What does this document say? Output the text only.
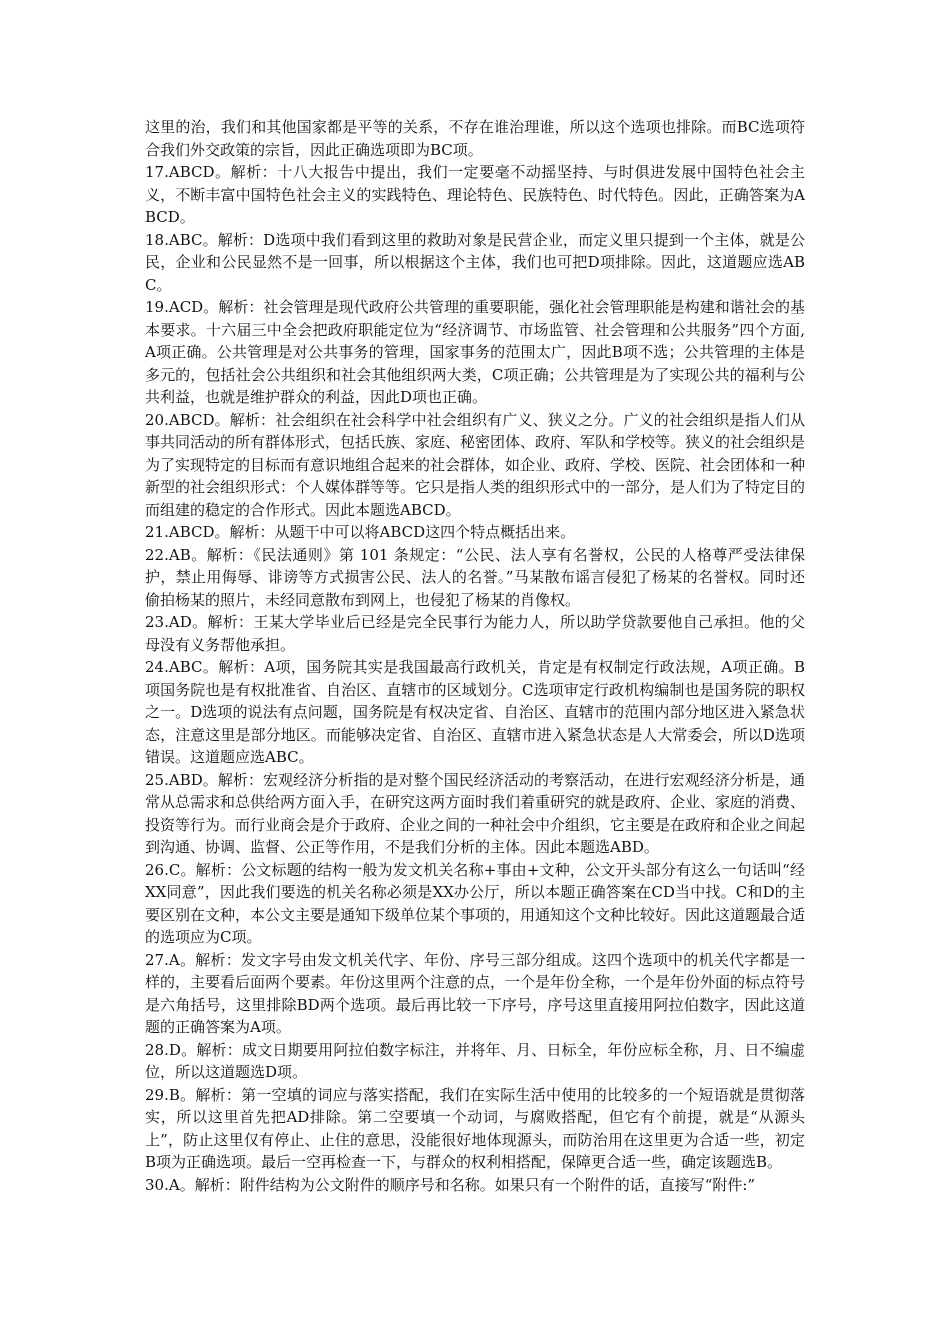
这里的治，我们和其他国家都是平等的关系，不存在谁治理谁，所以这个选项也排除。而BC选项符合我们外交政策的宗旨，因此正确选项即为BC项。

17.ABCD。解析：十八大报告中提出，我们一定要毫不动摇坚持、与时俱进发展中国特色社会主义，不断丰富中国特色社会主义的实践特色、理论特色、民族特色、时代特色。因此，正确答案为ABCD。

18.ABC。解析：D选项中我们看到这里的救助对象是民营企业，而定义里只提到一个主体，就是公民，企业和公民显然不是一回事，所以根据这个主体，我们也可把D项排除。因此，这道题应选ABC。

19.ACD。解析：社会管理是现代政府公共管理的重要职能，强化社会管理职能是构建和谐社会的基本要求。十六届三中全会把政府职能定位为“经济调节、市场监管、社会管理和公共服务”四个方面,A项正确。公共管理是对公共事务的管理，国家事务的范围太广，因此B项不选；公共管理的主体是多元的，包括社会公共组织和社会其他组织两大类，C项正确；公共管理是为了实现公共的福利与公共利益，也就是维护群众的利益，因此D项也正确。

20.ABCD。解析：社会组织在社会科学中社会组织有广义、狭义之分。广义的社会组织是指人们从事共同活动的所有群体形式，包括氏族、家庭、秘密团体、政府、军队和学校等。狭义的社会组织是为了实现特定的目标而有意识地组合起来的社会群体，如企业、政府、学校、医院、社会团体和一种新型的社会组织形式：个人媒体群等等。它只是指人类的组织形式中的一部分，是人们为了特定目的而组建的稳定的合作形式。因此本题选ABCD。

21.ABCD。解析：从题干中可以将ABCD这四个特点概括出来。

22.AB。解析：《民法通则》第 101 条规定：“公民、法人享有名誉权，公民的人格尊严受法律保护，禁止用侮辱、诽谤等方式损害公民、法人的名誉。”马某散布谣言侵犯了杨某的名誉权。同时还偷拍杨某的照片，未经同意散布到网上，也侵犯了杨某的肖像权。

23.AD。解析：王某大学毕业后已经是完全民事行为能力人，所以助学贷款要他自己承担。他的父母没有义务帮他承担。

24.ABC。解析：A项，国务院其实是我国最高行政机关，肯定是有权制定行政法规，A项正确。B项国务院也是有权批准省、自治区、直辖市的区域划分。C选项审定行政机构编制也是国务院的职权之一。D选项的说法有点问题，国务院是有权决定省、自治区、直辖市的范围内部分地区进入紧急状态，注意这里是部分地区。而能够决定省、自治区、直辖市进入紧急状态是人大常委会，所以D选项错误。这道题应选ABC。

25.ABD。解析：宏观经济分析指的是对整个国民经济活动的考察活动，在进行宏观经济分析是，通常从总需求和总供给两方面入手，在研究这两方面时我们着重研究的就是政府、企业、家庭的消费、投资等行为。而行业商会是介于政府、企业之间的一种社会中介组织，它主要是在政府和企业之间起到沟通、协调、监督、公正等作用，不是我们分析的主体。因此本题选ABD。

26.C。解析：公文标题的结构一般为发文机关名称+事由+文种，公文开头部分有这么一句话叫“经XX同意”，因此我们要选的机关名称必须是XX办公厅，所以本题正确答案在CD当中找。C和D的主要区别在文种，本公文主要是通知下级单位某个事项的，用通知这个文种比较好。因此这道题最合适的选项应为C项。

27.A。解析：发文字号由发文机关代字、年份、序号三部分组成。这四个选项中的机关代字都是一样的，主要看后面两个要素。年份这里两个注意的点，一个是年份全称，一个是年份外面的标点符号是六角括号，这里排除BD两个选项。最后再比较一下序号，序号这里直接用阿拉伯数字，因此这道题的正确答案为A项。

28.D。解析：成文日期要用阿拉伯数字标注，并将年、月、日标全，年份应标全称，月、日不编虚位，所以这道题选D项。

29.B。解析：第一空填的词应与落实搭配，我们在实际生活中使用的比较多的一个短语就是贯彻落实，所以这里首先把AD排除。第二空要填一个动词，与腐败搭配，但它有个前提，就是“从源头上”，防止这里仅有停止、止住的意思，没能很好地体现源头，而防治用在这里更为合适一些，初定B项为正确选项。最后一空再检查一下，与群众的权利相搭配，保障更合适一些，确定该题选B。

30.A。解析：附件结构为公文附件的顺序号和名称。如果只有一个附件的话，直接写“附件:”
